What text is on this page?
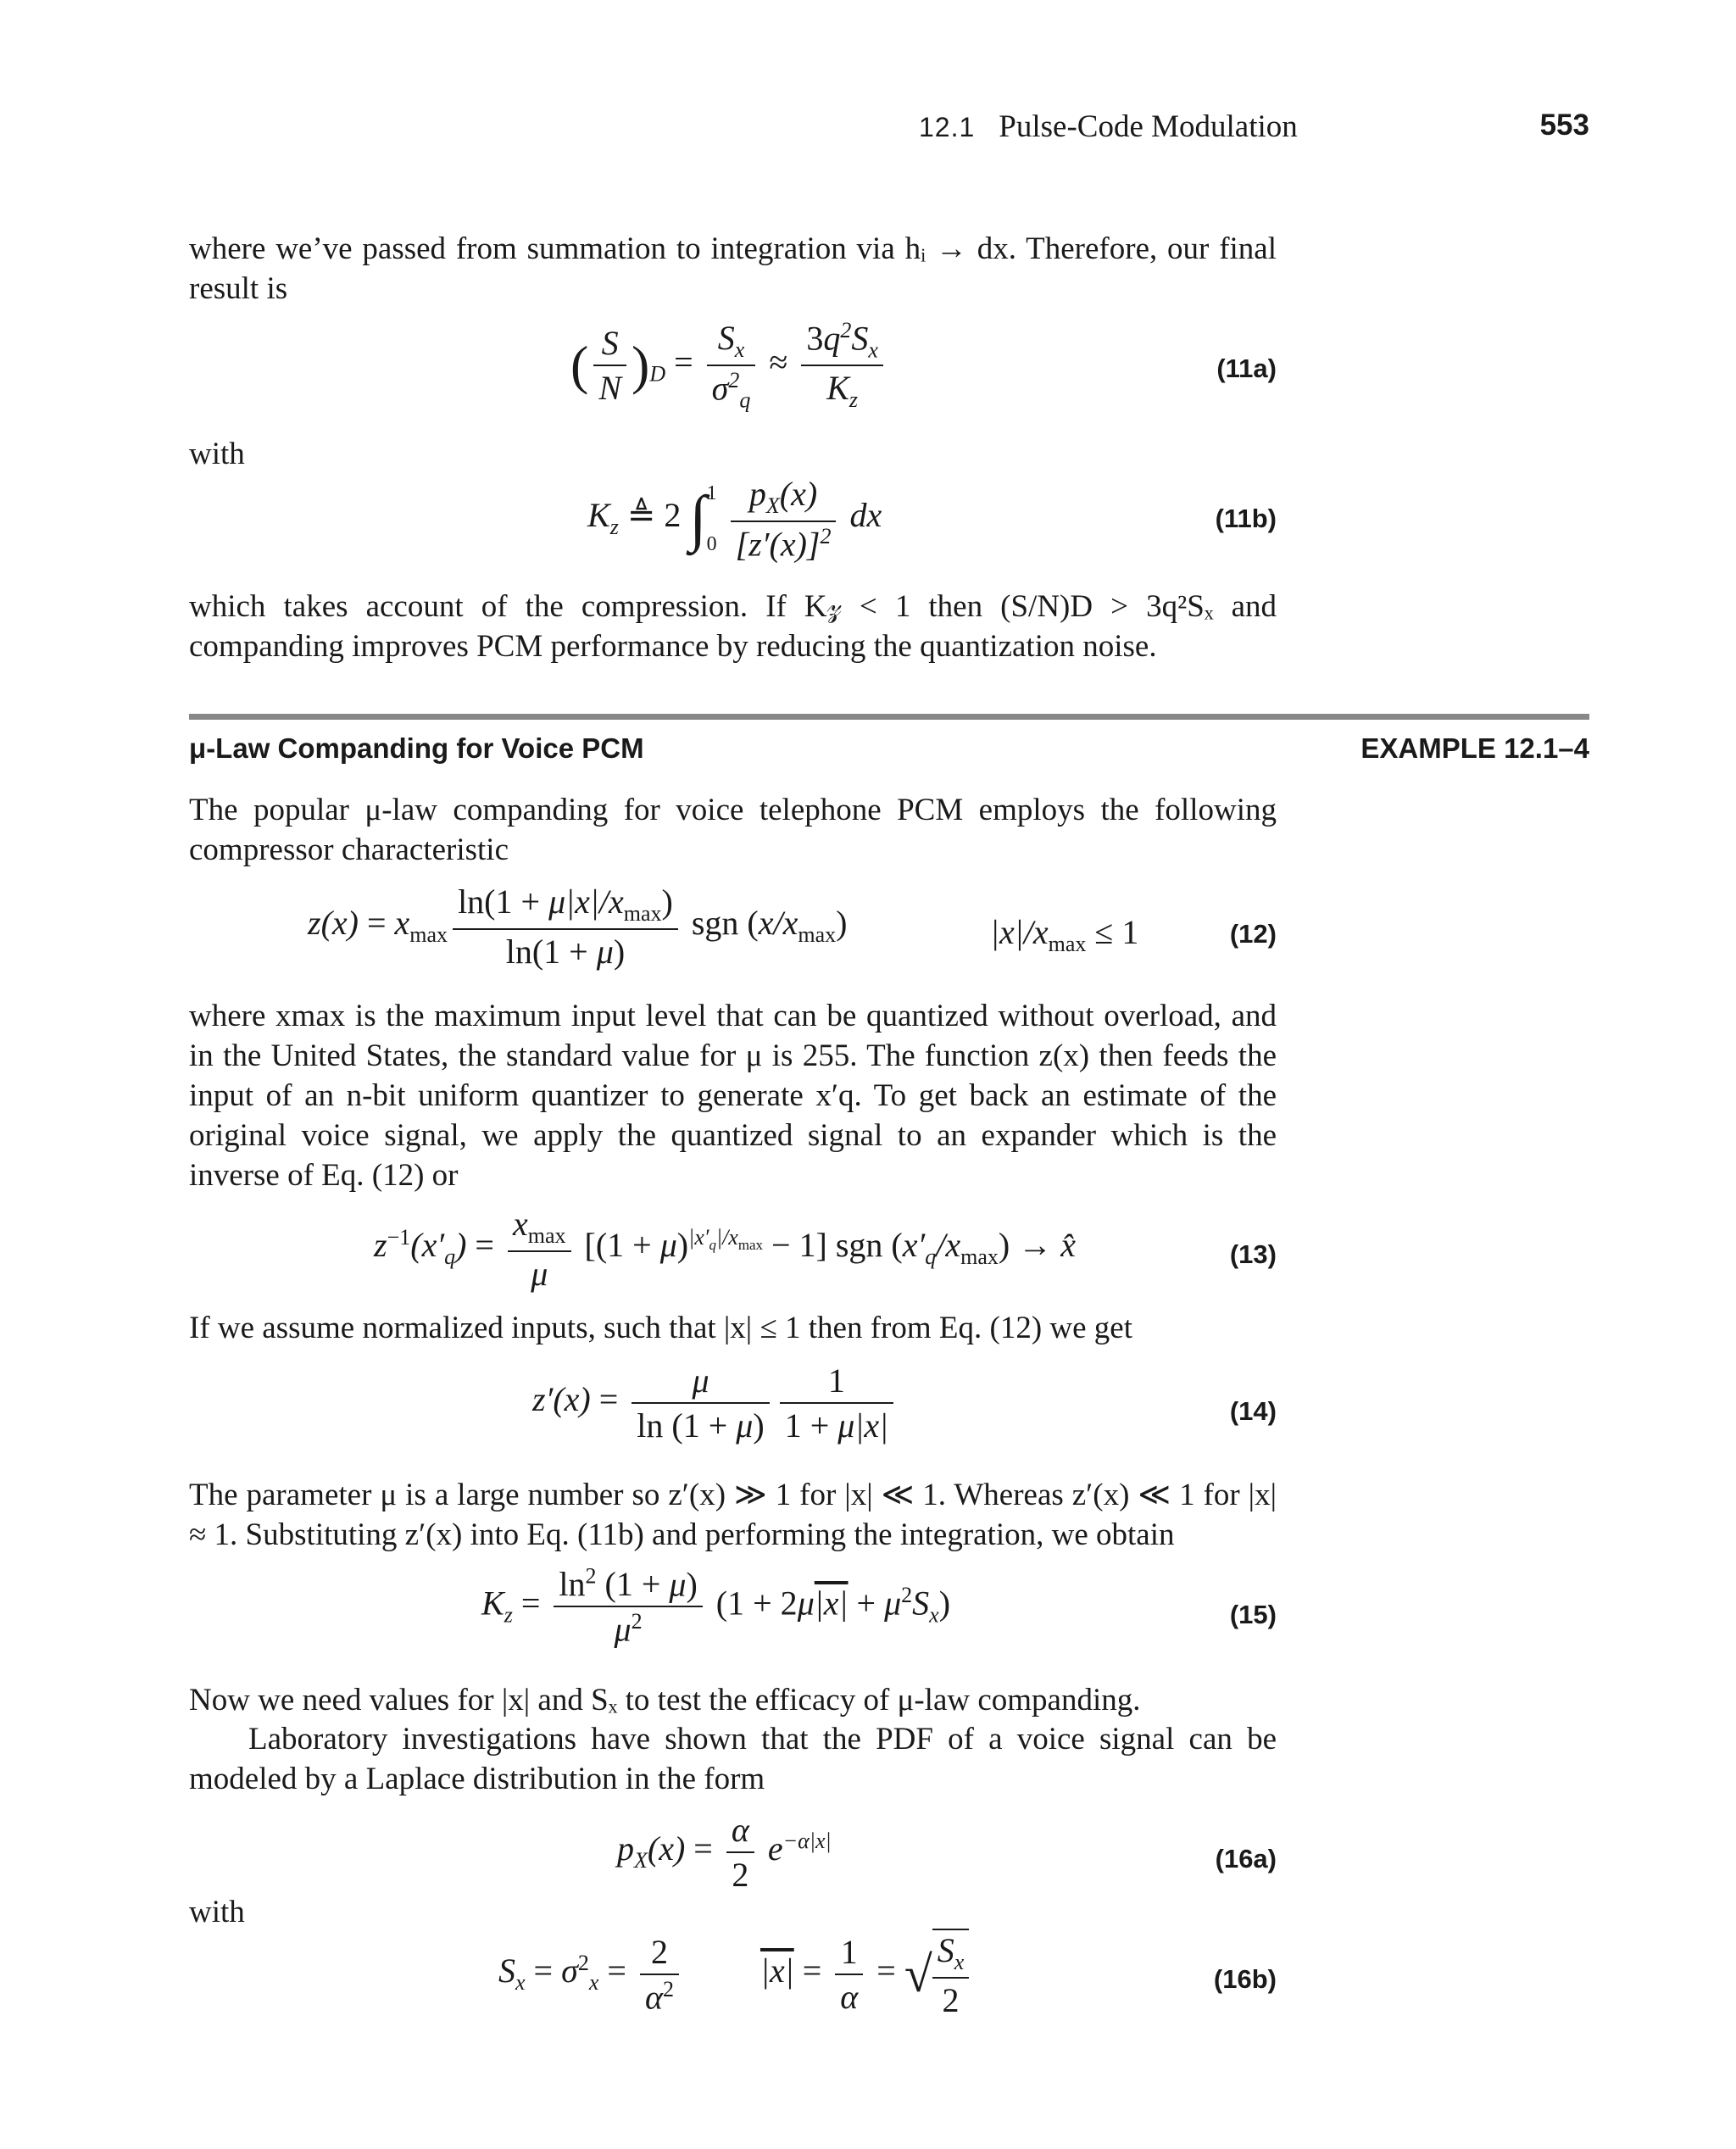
12.1 Pulse-Code Modulation	553
where we’ve passed from summation to integration via hᵢ → dx. Therefore, our final result is
( $\frac{S}{N} )_D = \frac{S_x}{\sigma^2_q} \approx \frac{3q^2S_x}{K_z}$	(11a)
with
$K_z$ ≜ 2 ∫ 1
0
$\frac{p_X(x)}{[z'(x)]^2}$ dx	(11b)
which takes account of the compression. If K𝓏 < 1 then (S/N)D > 3q²Sₓ and companding improves PCM performance by reducing the quantization noise.
μ-Law Companding for Voice PCM	EXAMPLE 12.1–4
The popular μ-law companding for voice telephone PCM employs the following compressor characteristic
$z(x) = x_{max} \frac{\ln(1 + \mu|x|/x_{max})}{\ln(1 + \mu)}$ sgn $(x/x_{max})$	$|x|/x_{max} \le 1$	(12)
where xmax is the maximum input level that can be quantized without overload, and in the United States, the standard value for μ is 255. The function z(x) then feeds the input of an n-bit uniform quantizer to generate x′q. To get back an estimate of the original voice signal, we apply the quantized signal to an expander which is the inverse of Eq. (12) or
$z^{-1}(x'_q) = \frac{x_{max}}{\mu} [(1 + \mu)^{|x'_q|/x_{max}} - 1]$ sgn $(x'_q/x_{max})$ → x̂	(13)
If we assume normalized inputs, such that |x| ≤ 1 then from Eq. (12) we get
$z'(x) = \frac{\mu}{\ln (1 + \mu)} \frac{1}{1 + \mu|x|}$	(14)
The parameter μ is a large number so z′(x) ≫ 1 for |x| ≪ 1. Whereas z′(x) ≪ 1 for |x| ≈ 1. Substituting z′(x) into Eq. (11b) and performing the integration, we obtain
$K_z = \frac{\ln^2 (1 + \mu)}{\mu^2} (1 + 2\mu|x| + \mu^2S_x)$	(15)
Now we need values for |x| and Sₓ to test the efficacy of μ-law companding.
Laboratory investigations have shown that the PDF of a voice signal can be modeled by a Laplace distribution in the form
$p_X(x) = \frac{\alpha}{2} e^{-\alpha|x|}$
(16a)
with
$S_x = \sigma^2_x = \frac{2}{\alpha^2} |x| = \frac{1}{\alpha}$ = √ $\frac{S_x}{2}$	(16b)
